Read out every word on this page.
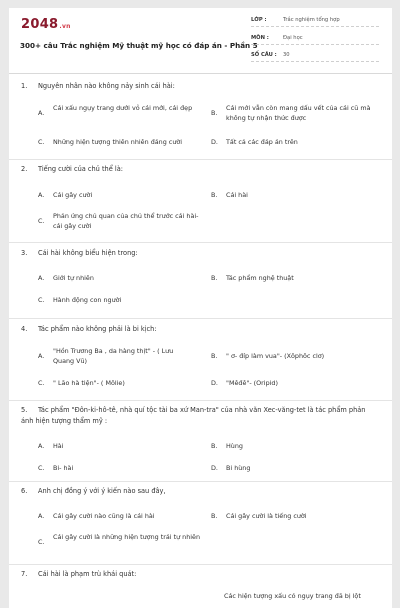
2048.vn
300+ câu Trắc nghiệm Mỹ thuật mỹ học có đáp án - Phần 5
LỚP :	Trắc nghiệm tổng hợp
MÔN :	Đại học
SỐ CÂU : 30
1. Nguyên nhân nào không nảy sinh cái hài:
A.
Cái xấu ngụy trang dưới vỏ cái mới, cái đẹp
B.
Cái mới vẫn còn mang dấu vết của cái cũ mà không tự nhận thức được
C. Những hiện tượng thiên nhiên đáng cười	D. Tất cả các đáp án trên
2. Tiếng cười của chủ thể là:
A. Cái gây cười	B. Cái hài
C.
Phản ứng chủ quan của chủ thể trước cái hài- cái gây cười
3. Cái hài không biểu hiện trong:
A. Giới tự nhiên	B. Tác phẩm nghệ thuật
C. Hành động con người
4. Tác phẩm nào không phải là bi kịch:
A.
"Hồn Trương Ba , da hàng thịt" - ( Lưu Quang Vũ)
B. " ơ- đíp làm vua"- (Xôphôc clơ)
C. " Lão hà tiện"- ( Môlie)	D. "Mêđê"- (Oripid)
5. Tác phẩm "Đôn-ki-hô-tê, nhà quí tộc tài ba xứ Man-tra" của nhà văn Xec-văng-tet là tác phẩm phản ánh hiện tượng thẩm mỹ :
A. Hài	B. Hùng
C. Bi- hài	D. Bi hùng
6. Anh chị đồng ý với ý kiến nào sau đây,
A. Cái gây cười nào cũng là cái hài	B. Cái gây cười là tiếng cười
C.
Cái gây cười là những hiện tượng trái tự nhiên
7. Cái hài là phạm trù khái quát:
Các hiện tượng xấu có ngụy trang đã bị lột
